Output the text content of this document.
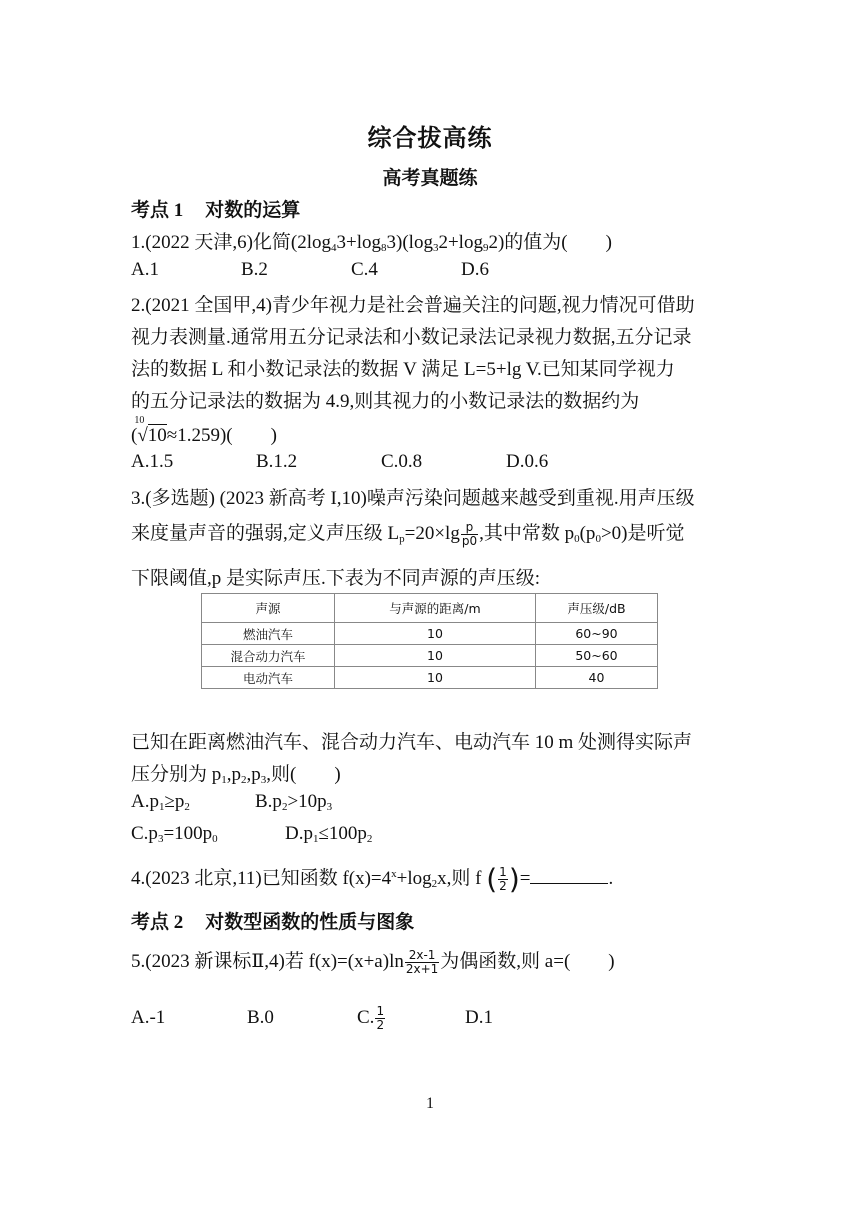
综合拔高练
高考真题练
考点 1 对数的运算
1.(2022 天津,6)化简$(2\log_43+\log_83)(\log_32+\log_92)$的值为(　　)
A.1	B.2	C.4	D.6
2.(2021 全国甲,4)青少年视力是社会普遍关注的问题,视力情况可借助
视力表测量.通常用五分记录法和小数记录法记录视力数据,五分记录
法的数据 L 和小数记录法的数据 V 满足 L=5+lg V.已知某同学视力
的五分记录法的数据为 4.9,则其视力的小数记录法的数据约为
(
10
√10≈1.259)(　　)
A.1.5	B.1.2	C.0.8	D.0.6
3.(多选题) (2023 新高考 I,10)噪声污染问题越来越受到重视.用声压级
来度量声音的强弱,定义声压级 $L_p=20\times\lg \frac{p}{p0}$ ,其中常数 $p_0(p_0>0)$是听觉
下限阈值,p 是实际声压.下表为不同声源的声压级:
声源	与声源的距离/m	声压级/dB
燃油汽车	10	60~90
混合动力汽车	10	50~60
电动汽车	10	40
已知在距离燃油汽车、混合动力汽车、电动汽车 10 m 处测得实际声
压分别为 $p_1,p_2,p_3$,则(　　)
$A.p_1\ge p_2$	$B.p_2>10p_3$
$C.p_3=100p_0$	$D.p_1\le 100p_2$
4.(2023 北京,11)已知函数 $f(x)=4^x+\log_2x$,则 f ( $\frac{1}{2}$ )=	.
考点 2 对数型函数的性质与图象
5.(2023 新课标Ⅱ,4)若 $f(x)=(x+a)\ln \frac{2x-1}{2x+1}$ 为偶函数,则 a=(　　)
A.-1	B.0	C. $\frac{1}{2}$	D.1
1
